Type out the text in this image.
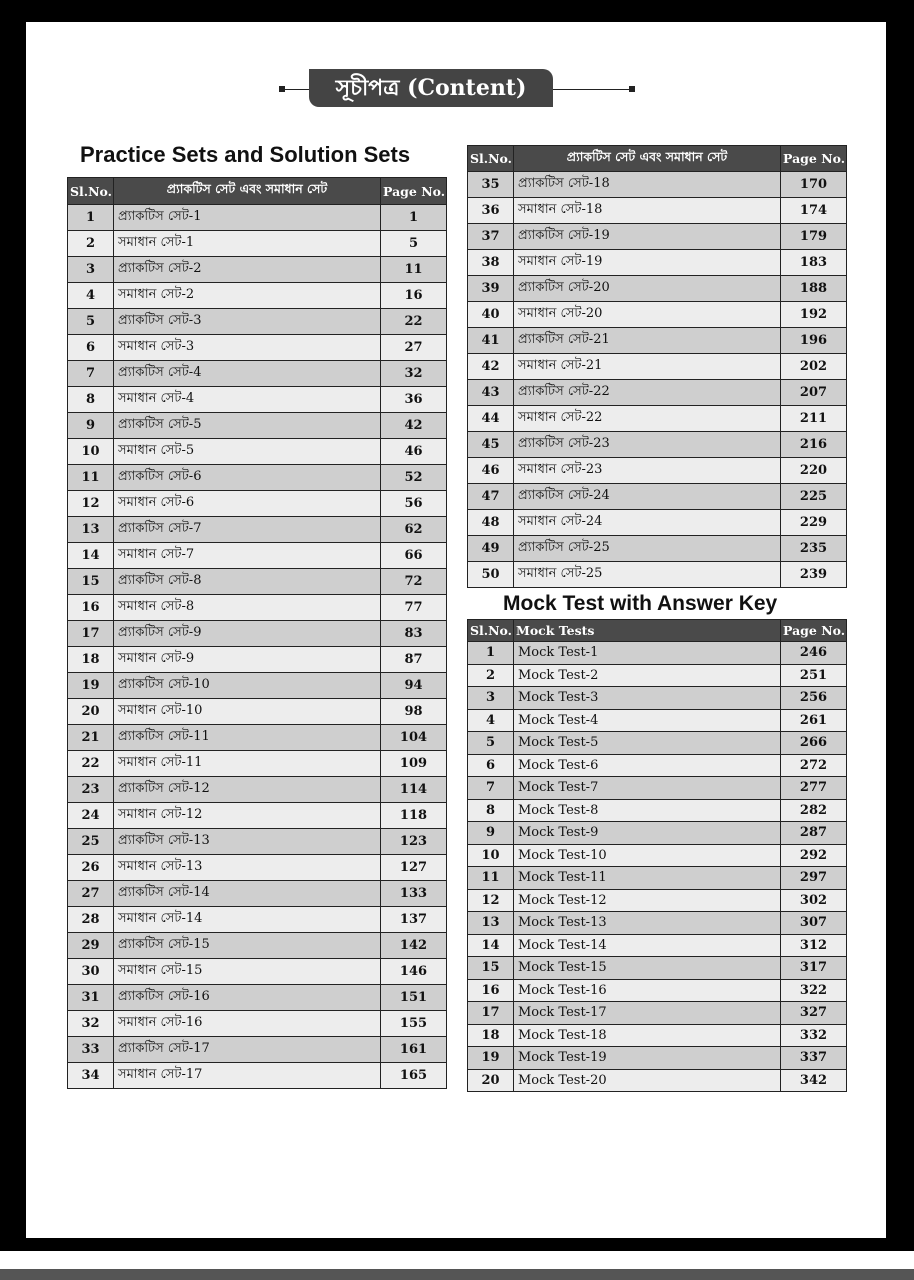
সূচীপত্র (Content)
Practice Sets and Solution Sets
Sl.No.	প্র্যাকটিস সেট এবং সমাধান সেট	Page No.
1	প্র্যাকটিস সেট-1	1
2	সমাধান সেট-1	5
3	প্র্যাকটিস সেট-2	11
4	সমাধান সেট-2	16
5	প্র্যাকটিস সেট-3	22
6	সমাধান সেট-3	27
7	প্র্যাকটিস সেট-4	32
8	সমাধান সেট-4	36
9	প্র্যাকটিস সেট-5	42
10	সমাধান সেট-5	46
11	প্র্যাকটিস সেট-6	52
12	সমাধান সেট-6	56
13	প্র্যাকটিস সেট-7	62
14	সমাধান সেট-7	66
15	প্র্যাকটিস সেট-8	72
16	সমাধান সেট-8	77
17	প্র্যাকটিস সেট-9	83
18	সমাধান সেট-9	87
19	প্র্যাকটিস সেট-10	94
20	সমাধান সেট-10	98
21	প্র্যাকটিস সেট-11	104
22	সমাধান সেট-11	109
23	প্র্যাকটিস সেট-12	114
24	সমাধান সেট-12	118
25	প্র্যাকটিস সেট-13	123
26	সমাধান সেট-13	127
27	প্র্যাকটিস সেট-14	133
28	সমাধান সেট-14	137
29	প্র্যাকটিস সেট-15	142
30	সমাধান সেট-15	146
31	প্র্যাকটিস সেট-16	151
32	সমাধান সেট-16	155
33	প্র্যাকটিস সেট-17	161
34	সমাধান সেট-17	165
Sl.No.	প্র্যাকটিস সেট এবং সমাধান সেট	Page No.
35	প্র্যাকটিস সেট-18	170
36	সমাধান সেট-18	174
37	প্র্যাকটিস সেট-19	179
38	সমাধান সেট-19	183
39	প্র্যাকটিস সেট-20	188
40	সমাধান সেট-20	192
41	প্র্যাকটিস সেট-21	196
42	সমাধান সেট-21	202
43	প্র্যাকটিস সেট-22	207
44	সমাধান সেট-22	211
45	প্র্যাকটিস সেট-23	216
46	সমাধান সেট-23	220
47	প্র্যাকটিস সেট-24	225
48	সমাধান সেট-24	229
49	প্র্যাকটিস সেট-25	235
50	সমাধান সেট-25	239
Mock Test with Answer Key
Sl.No.	Mock Tests	Page No.
1	Mock Test-1	246
2	Mock Test-2	251
3	Mock Test-3	256
4	Mock Test-4	261
5	Mock Test-5	266
6	Mock Test-6	272
7	Mock Test-7	277
8	Mock Test-8	282
9	Mock Test-9	287
10	Mock Test-10	292
11	Mock Test-11	297
12	Mock Test-12	302
13	Mock Test-13	307
14	Mock Test-14	312
15	Mock Test-15	317
16	Mock Test-16	322
17	Mock Test-17	327
18	Mock Test-18	332
19	Mock Test-19	337
20	Mock Test-20	342
